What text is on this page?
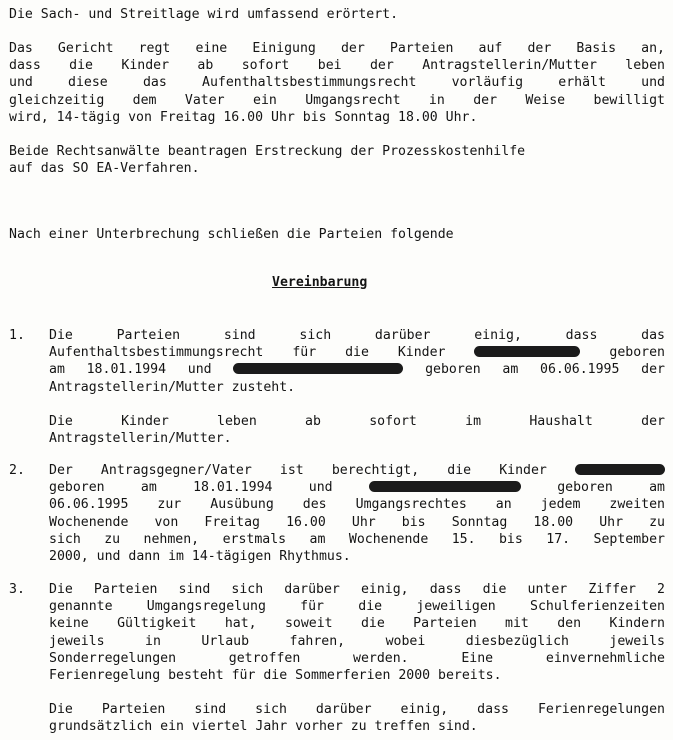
Die Sach- und Streitlage wird umfassend erörtert.
Das Gericht regt eine Einigung der Parteien auf der Basis an,
dass die Kinder ab sofort bei der Antragstellerin/Mutter leben
und diese das Aufenthaltsbestimmungsrecht vorläufig erhält und
gleichzeitig dem Vater ein Umgangsrecht in der Weise bewilligt
wird, 14-tägig von Freitag 16.00 Uhr bis Sonntag 18.00 Uhr.
Beide Rechtsanwälte beantragen Erstreckung der Prozesskostenhilfe
auf das SO EA-Verfahren.
Nach einer Unterbrechung schließen die Parteien folgende
Vereinbarung
1. Die Parteien sind sich darüber einig, dass das
Aufenthaltsbestimmungsrecht für die Kinder	geboren
am 18.01.1994 und	geboren am 06.06.1995 der
Antragstellerin/Mutter zusteht.
Die Kinder leben ab sofort im Haushalt der
Antragstellerin/Mutter.
2. Der Antragsgegner/Vater ist berechtigt, die Kinder
geboren am 18.01.1994 und	geboren am
06.06.1995 zur Ausübung des Umgangsrechtes an jedem zweiten
Wochenende von Freitag 16.00 Uhr bis Sonntag 18.00 Uhr zu
sich zu nehmen, erstmals am Wochenende 15. bis 17. September
2000, und dann im 14-tägigen Rhythmus.
3. Die Parteien sind sich darüber einig, dass die unter Ziffer 2
genannte Umgangsregelung für die jeweiligen Schulferienzeiten
keine Gültigkeit hat, soweit die Parteien mit den Kindern
jeweils in Urlaub fahren, wobei diesbezüglich jeweils
Sonderregelungen getroffen werden. Eine einvernehmliche
Ferienregelung besteht für die Sommerferien 2000 bereits.
Die Parteien sind sich darüber einig, dass Ferienregelungen
grundsätzlich ein viertel Jahr vorher zu treffen sind.
